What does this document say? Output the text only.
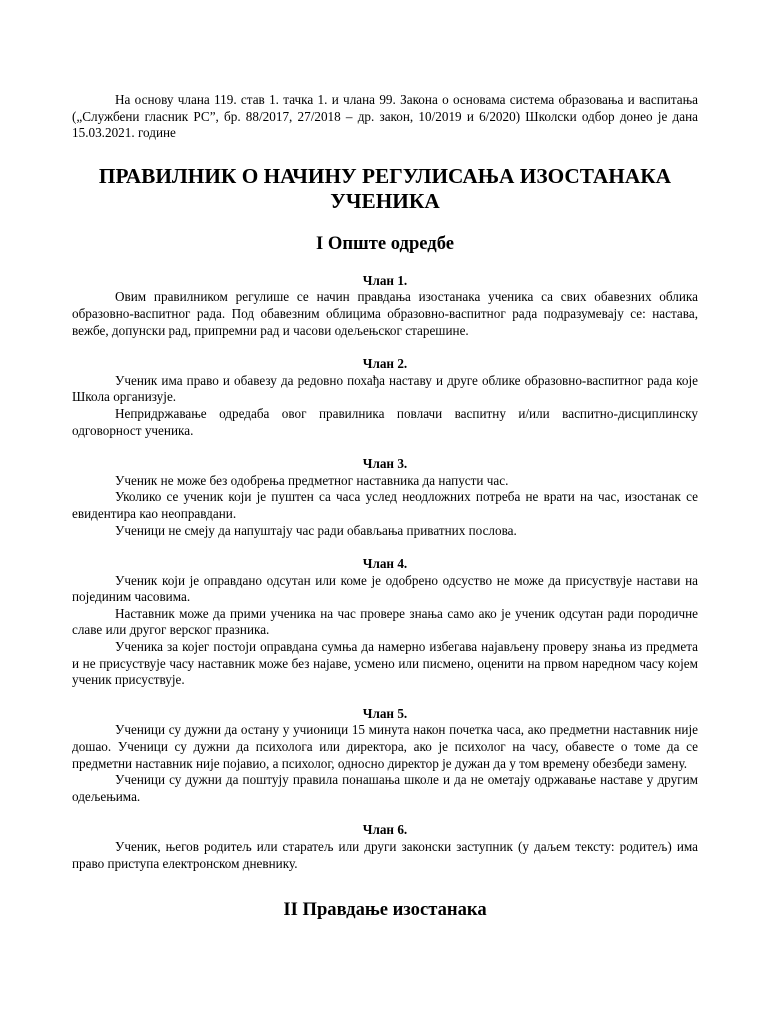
На основу члана 119. став 1. тачка 1. и члана 99. Закона о основама система образовања и васпитања („Службени гласник РС”, бр. 88/2017, 27/2018 – др. закон, 10/2019 и 6/2020) Школски одбор донео је дана 15.03.2021. године

ПРАВИЛНИК О НАЧИНУ РЕГУЛИСАЊА ИЗОСТАНАКА УЧЕНИКА
I Опште одредбе
Члан 1.

Овим правилником регулише се начин правдања изостанака ученика са свих обавезних облика образовно-васпитног рада. Под обавезним облицима образовно-васпитног рада подразумевају се: настава, вежбе, допунски рад, припремни рад и часови одељењског старешине.

Члан 2.

Ученик има право и обавезу да редовно похађа наставу и друге облике образовно-васпитног рада које Школа организује.

Непридржавање одредаба овог правилника повлачи васпитну и/или васпитно-дисциплинску одговорност ученика.

Члан 3.

Ученик не може без одобрења предметног наставника да напусти час.

Уколико се ученик који је пуштен са часа услед неодложних потреба не врати на час, изостанак се евидентира као неоправдани.

Ученици не смеју да напуштају час ради обављања приватних послова.

Члан 4.

Ученик који је оправдано одсутан или коме је одобрено одсуство не може да присуствује настави на појединим часовима.

Наставник може да прими ученика на час провере знања само ако је ученик одсутан ради породичне славе или другог верског празника.

Ученика за којег постоји оправдана сумња да намерно избегава најављену проверу знања из предмета и не присуствује часу наставник може без најаве, усмено или писмено, оценити на првом наредном часу којем ученик присуствује.

Члан 5.

Ученици су дужни да остану у учионици 15 минута након почетка часа, ако предметни наставник није дошао. Ученици су дужни да психолога или директора, ако је психолог на часу, обавесте о томе да се предметни наставник није појавио, а психолог, односно директор је дужан да у том времену обезбеди замену.

Ученици су дужни да поштују правила понашања школе и да не ометају одржавање наставе у другим одељењима.

Члан 6.

Ученик, његов родитељ или старатељ или други законски заступник (у даљем тексту: родитељ) има право приступа електронском дневнику.

II Правдање изостанака
